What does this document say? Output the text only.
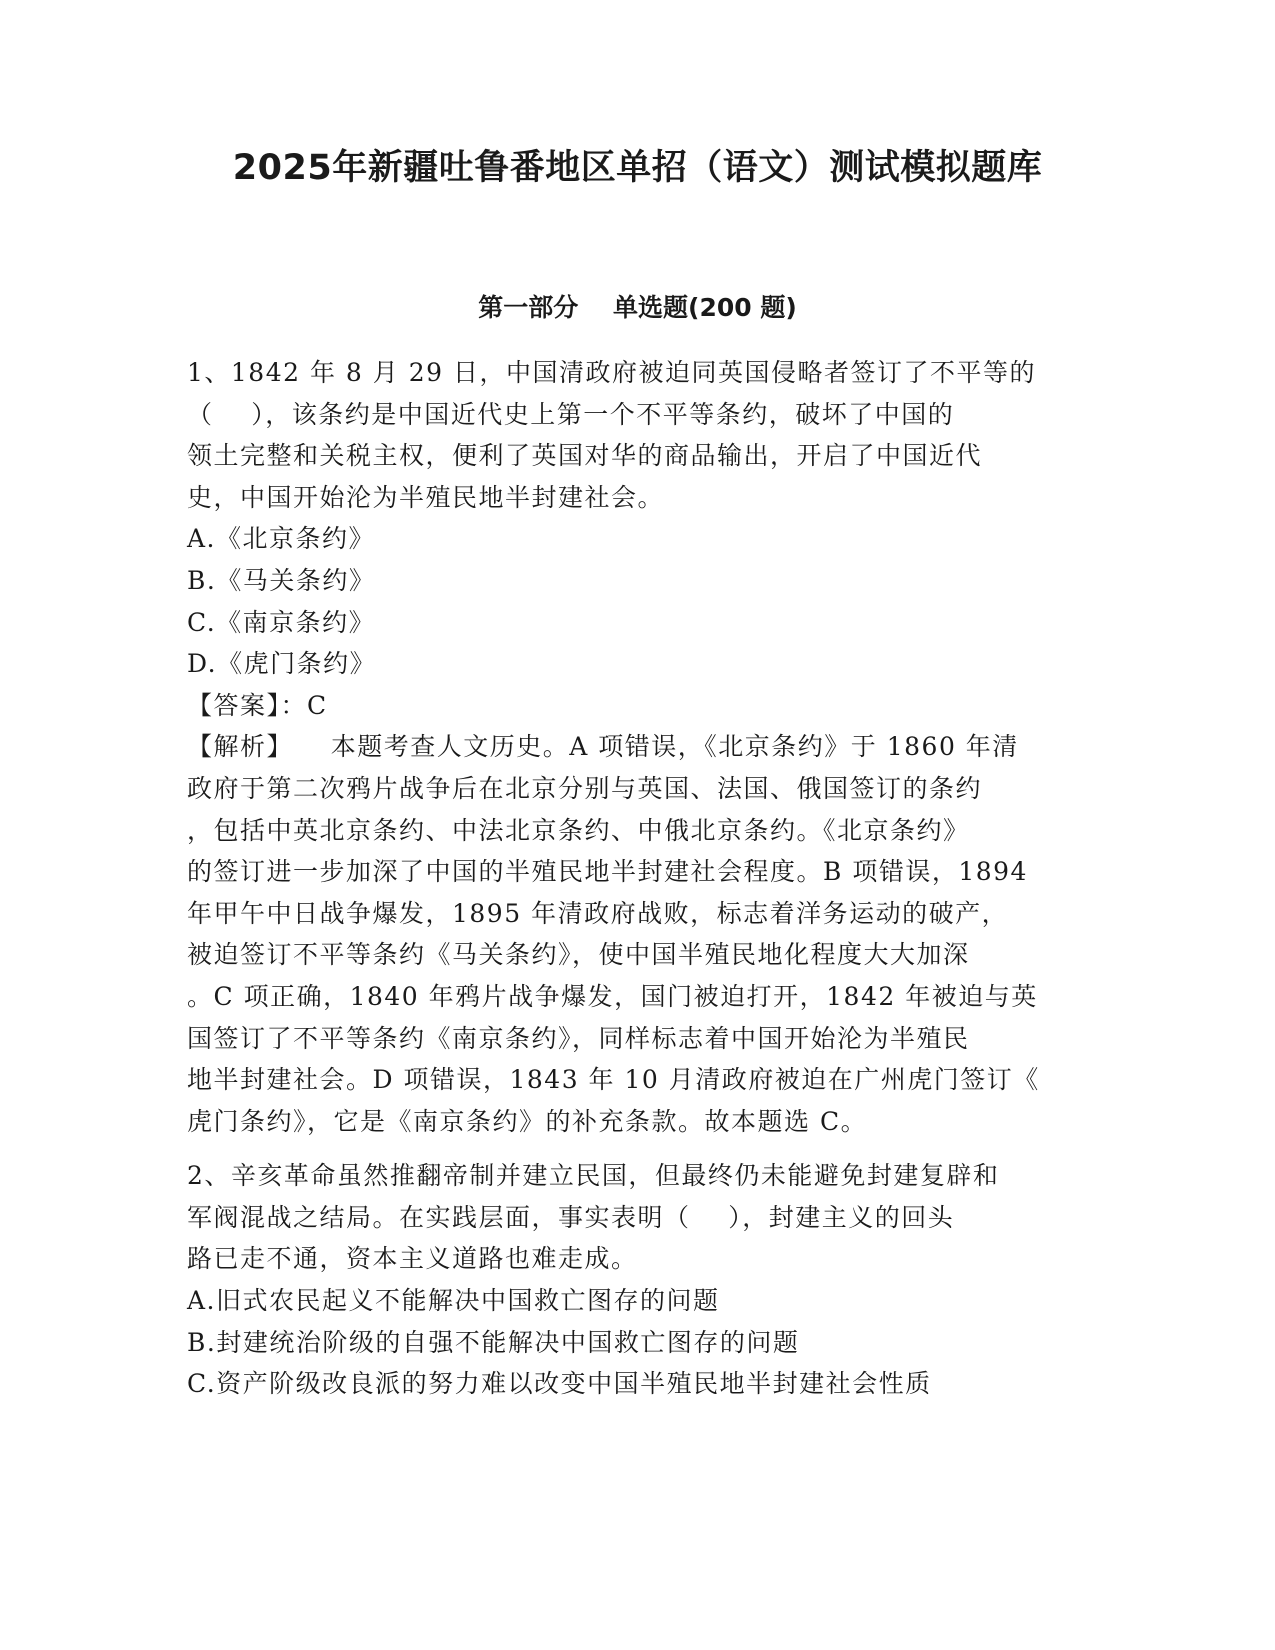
2025年新疆吐鲁番地区单招（语文）测试模拟题库
第一部分    单选题(200 题)

1、1842 年 8 月 29 日，中国清政府被迫同英国侵略者签订了不平等的

（    ），该条约是中国近代史上第一个不平等条约，破坏了中国的

领土完整和关税主权，便利了英国对华的商品输出，开启了中国近代

史，中国开始沦为半殖民地半封建社会。

A.《北京条约》

B.《马关条约》

C.《南京条约》

D.《虎门条约》

【答案】：C

【解析】    本题考查人文历史。A 项错误，《北京条约》于 1860 年清

政府于第二次鸦片战争后在北京分别与英国、法国、俄国签订的条约

，包括中英北京条约、中法北京条约、中俄北京条约。《北京条约》

的签订进一步加深了中国的半殖民地半封建社会程度。B 项错误，1894

年甲午中日战争爆发，1895 年清政府战败，标志着洋务运动的破产，

被迫签订不平等条约《马关条约》，使中国半殖民地化程度大大加深

。C 项正确，1840 年鸦片战争爆发，国门被迫打开，1842 年被迫与英

国签订了不平等条约《南京条约》，同样标志着中国开始沦为半殖民

地半封建社会。D 项错误，1843 年 10 月清政府被迫在广州虎门签订《

虎门条约》，它是《南京条约》的补充条款。故本题选 C。

2、辛亥革命虽然推翻帝制并建立民国，但最终仍未能避免封建复辟和

军阀混战之结局。在实践层面，事实表明（    ），封建主义的回头

路已走不通，资本主义道路也难走成。

A.旧式农民起义不能解决中国救亡图存的问题

B.封建统治阶级的自强不能解决中国救亡图存的问题

C.资产阶级改良派的努力难以改变中国半殖民地半封建社会性质
